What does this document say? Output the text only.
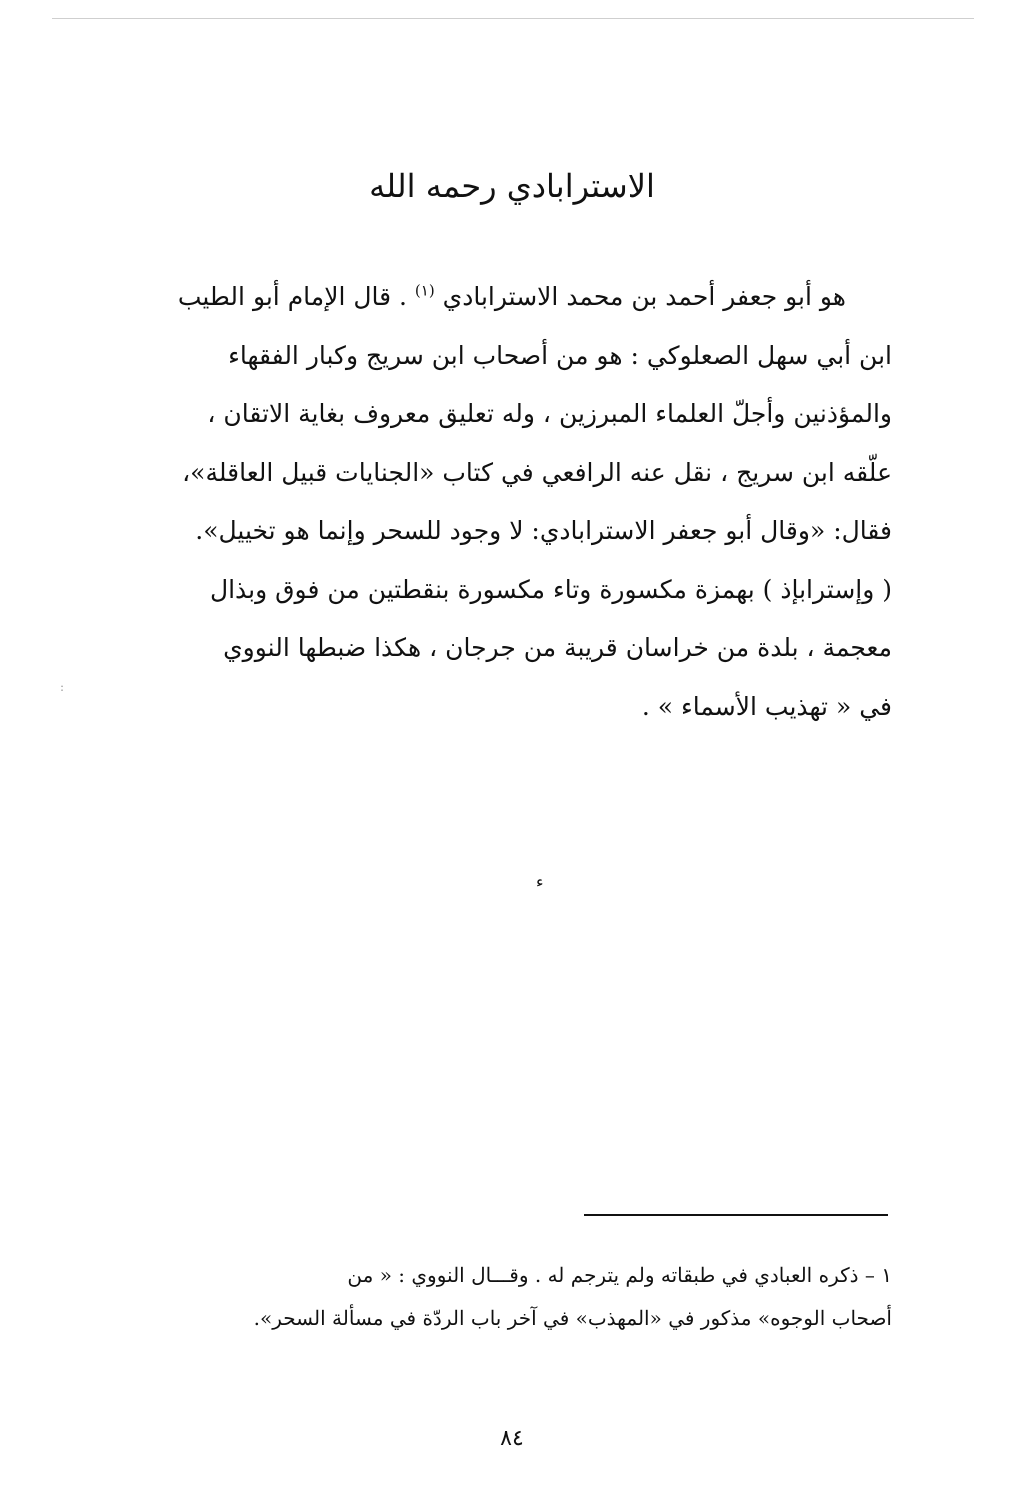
الاسترابادي رحمه الله
هو أبو جعفر أحمد بن محمد الاسترابادي $^{(١)}$ . قال الإمام أبو الطيب
ابن أبي سهل الصعلوكي : هو من أصحاب ابن سريج وكبار الفقهاء
والمؤذنين وأجلّ العلماء المبرزين ، وله تعليق معروف بغاية الاتقان ،
علّقه ابن سريج ، نقل عنه الرافعي في كتاب «الجنايات قبيل العاقلة»،
فقال: «وقال أبو جعفر الاسترابادي: لا وجود للسحر وإنما هو تخييل».
( وإسترابإذ ) بهمزة مكسورة وتاء مكسورة بنقطتين من فوق وبذال
معجمة ، بلدة من خراسان قريبة من جرجان ، هكذا ضبطها النووي
في « تهذيب الأسماء » .
:
ء
١ – ذكره العبادي في طبقاته ولم يترجم له . وقـــال النووي : « من
أصحاب الوجوه» مذكور في «المهذب» في آخر باب الردّة في مسألة السحر».
٨٤
